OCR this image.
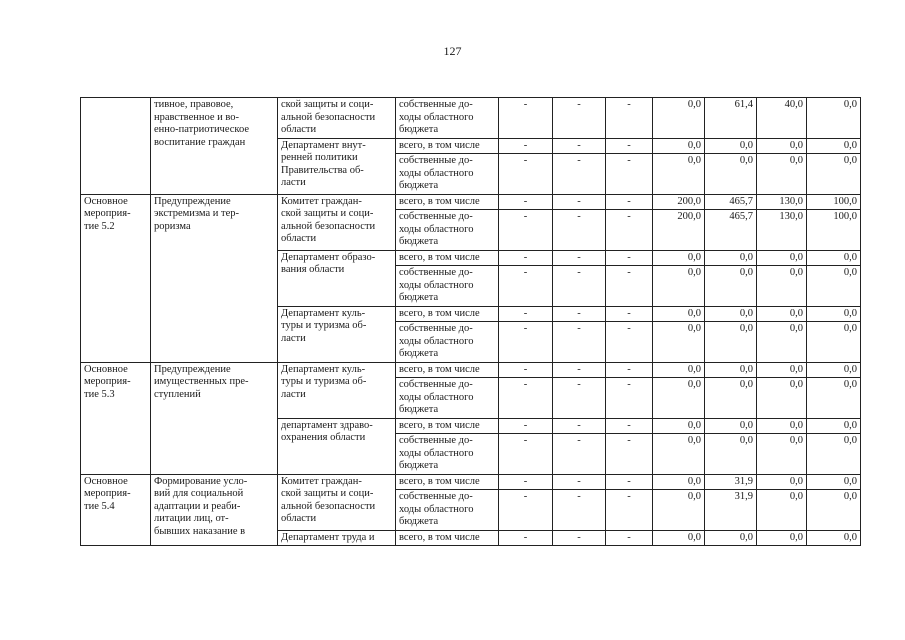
127
	тивное, правовое,
нравственное и во-
енно-патриотическое
воспитание граждан	ской защиты и соци-
альной безопасности
области	собственные до-
ходы областного
бюджета	-	-	-	0,0	61,4	40,0	0,0
		Департамент внут-
ренней политики
Правительства об-
ласти	всего, в том числе	-	-	-	0,0	0,0	0,0	0,0
			собственные до-
ходы областного
бюджета	-	-	-	0,0	0,0	0,0	0,0
Основное
мероприя-
тие 5.2	Предупреждение
экстремизма и тер-
роризма	Комитет граждан-
ской защиты и соци-
альной безопасности
области	всего, в том числе	-	-	-	200,0	465,7	130,0	100,0
			собственные до-
ходы областного
бюджета	-	-	-	200,0	465,7	130,0	100,0
		Департамент образо-
вания области	всего, в том числе	-	-	-	0,0	0,0	0,0	0,0
			собственные до-
ходы областного
бюджета	-	-	-	0,0	0,0	0,0	0,0
		Департамент куль-
туры и туризма об-
ласти	всего, в том числе	-	-	-	0,0	0,0	0,0	0,0
			собственные до-
ходы областного
бюджета	-	-	-	0,0	0,0	0,0	0,0
Основное
мероприя-
тие 5.3	Предупреждение
имущественных пре-
ступлений	Департамент куль-
туры и туризма об-
ласти	всего, в том числе	-	-	-	0,0	0,0	0,0	0,0
			собственные до-
ходы областного
бюджета	-	-	-	0,0	0,0	0,0	0,0
		департамент здраво-
охранения области	всего, в том числе	-	-	-	0,0	0,0	0,0	0,0
			собственные до-
ходы областного
бюджета	-	-	-	0,0	0,0	0,0	0,0
Основное
мероприя-
тие 5.4	Формирование усло-
вий для социальной
адаптации и реаби-
литации лиц, от-
бывших наказание в	Комитет граждан-
ской защиты и соци-
альной безопасности
области	всего, в том числе	-	-	-	0,0	31,9	0,0	0,0
			собственные до-
ходы областного
бюджета	-	-	-	0,0	31,9	0,0	0,0
		Департамент труда и	всего, в том числе	-	-	-	0,0	0,0	0,0	0,0
